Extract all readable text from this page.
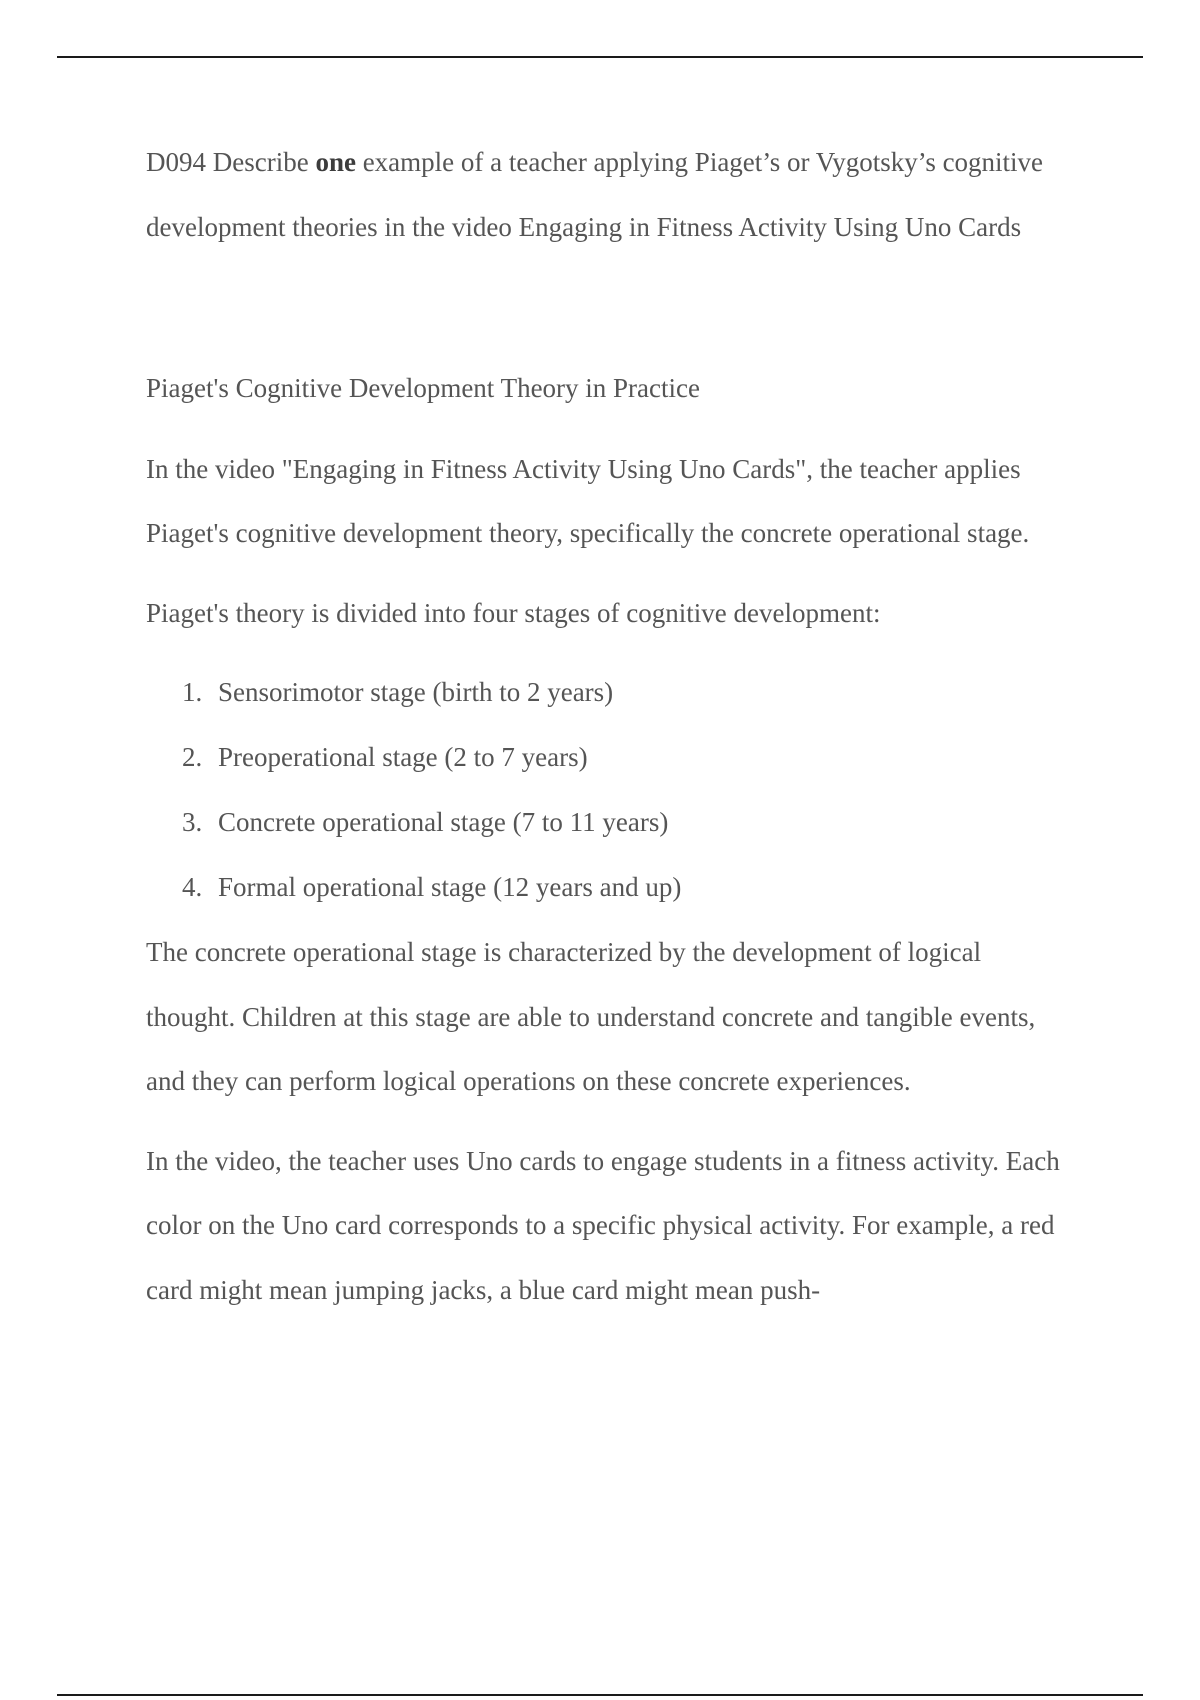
D094 Describe one example of a teacher applying Piaget’s or Vygotsky’s cognitive development theories in the video Engaging in Fitness Activity Using Uno Cards

Piaget's Cognitive Development Theory in Practice

In the video "Engaging in Fitness Activity Using Uno Cards", the teacher applies Piaget's cognitive development theory, specifically the concrete operational stage.

Piaget's theory is divided into four stages of cognitive development:

1. Sensorimotor stage (birth to 2 years)
2. Preoperational stage (2 to 7 years)
3. Concrete operational stage (7 to 11 years)
4. Formal operational stage (12 years and up)

The concrete operational stage is characterized by the development of logical thought. Children at this stage are able to understand concrete and tangible events, and they can perform logical operations on these concrete experiences.

In the video, the teacher uses Uno cards to engage students in a fitness activity. Each color on the Uno card corresponds to a specific physical activity. For example, a red card might mean jumping jacks, a blue card might mean push-
